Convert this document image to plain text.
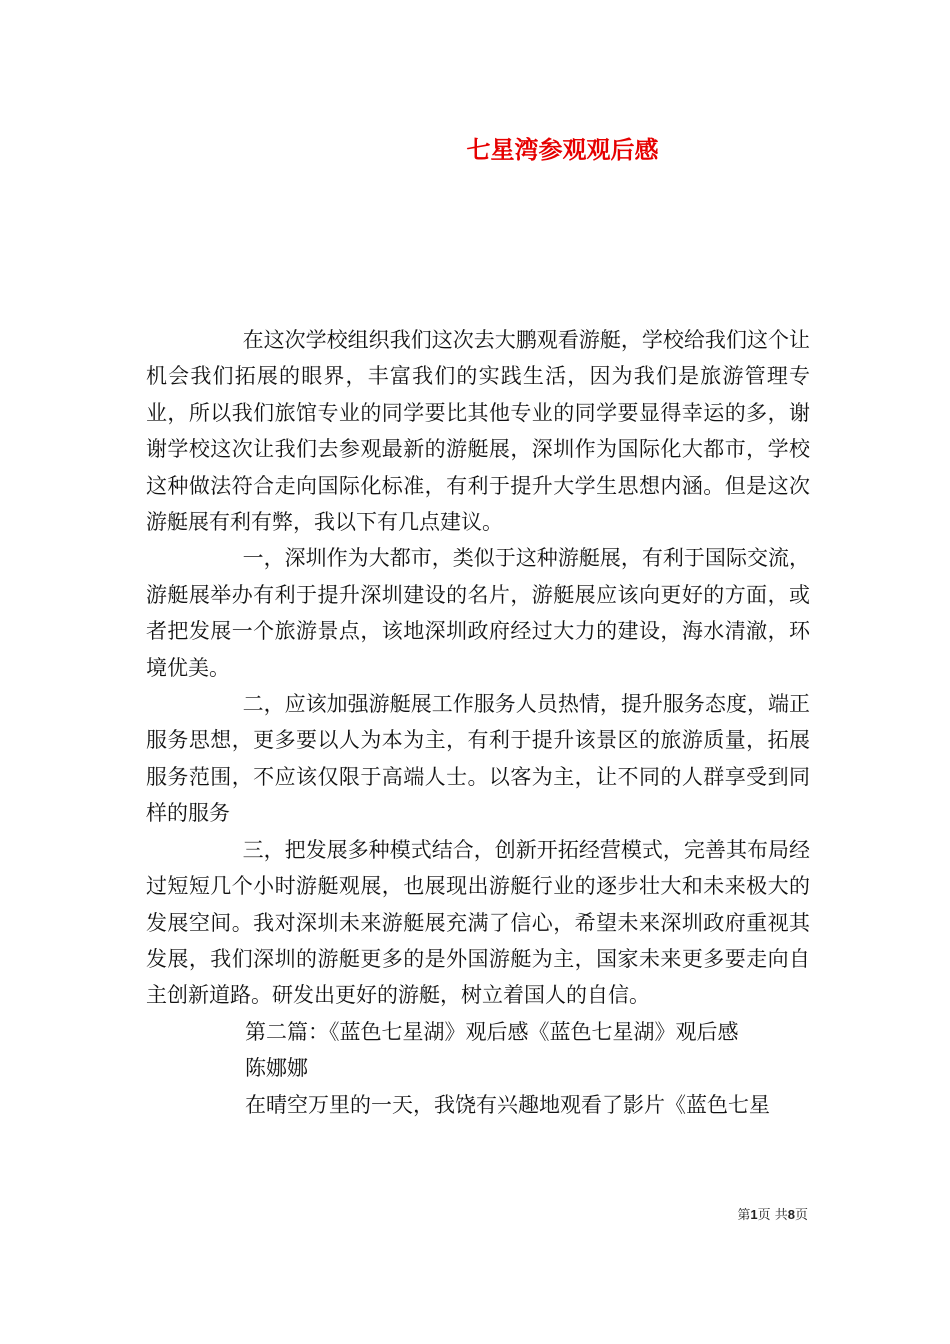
七星湾参观观后感

在这次学校组织我们这次去大鹏观看游艇，学校给我们这个让机会我们拓展的眼界，丰富我们的实践生活，因为我们是旅游管理专业，所以我们旅馆专业的同学要比其他专业的同学要显得幸运的多，谢谢学校这次让我们去参观最新的游艇展，深圳作为国际化大都市，学校这种做法符合走向国际化标准，有利于提升大学生思想内涵。但是这次游艇展有利有弊，我以下有几点建议。

一，深圳作为大都市，类似于这种游艇展，有利于国际交流，游艇展举办有利于提升深圳建设的名片，游艇展应该向更好的方面，或者把发展一个旅游景点，该地深圳政府经过大力的建设，海水清澈，环境优美。

二，应该加强游艇展工作服务人员热情，提升服务态度，端正服务思想，更多要以人为本为主，有利于提升该景区的旅游质量，拓展服务范围，不应该仅限于高端人士。以客为主，让不同的人群享受到同样的服务

三，把发展多种模式结合，创新开拓经营模式，完善其布局经过短短几个小时游艇观展，也展现出游艇行业的逐步壮大和未来极大的发展空间。我对深圳未来游艇展充满了信心，希望未来深圳政府重视其发展，我们深圳的游艇更多的是外国游艇为主，国家未来更多要走向自主创新道路。研发出更好的游艇，树立着国人的自信。

第二篇：《蓝色七星湖》观后感《蓝色七星湖》观后感

陈娜娜

在晴空万里的一天，我饶有兴趣地观看了影片《蓝色七星

第1页 共8页
